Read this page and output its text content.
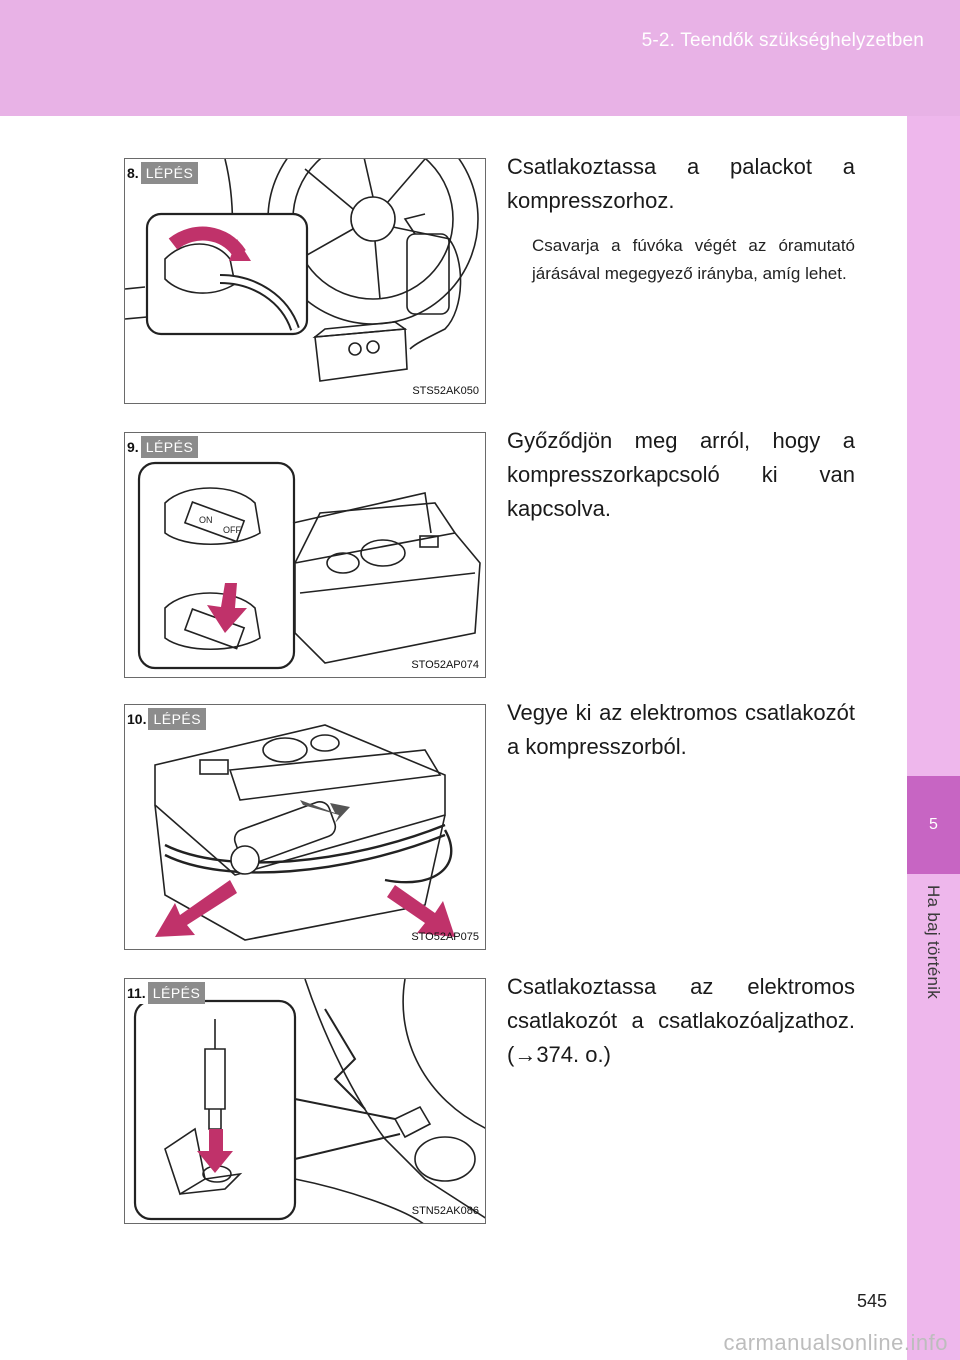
5-2. Teendők szükséghelyzetben
5
Ha baj történik
8. LÉPÉS
STS52AK050

Csatlakoztassa a palackot a kompresszorhoz.

Csavarja a fúvóka végét az óramutató járásával megegyező irányba, amíg lehet.

9. LÉPÉS
ON
OFF
STO52AP074

Győződjön meg arról, hogy a kompresszorkapcsoló ki van kapcsolva.

10. LÉPÉS
STO52AP075

Vegye ki az elektromos csatlakozót a kompresszorból.

11. LÉPÉS
STN52AK086

Csatlakoztassa az elektromos csatlakozót a csatlakozóaljzathoz. (→374. o.)

545
carmanualsonline.info
